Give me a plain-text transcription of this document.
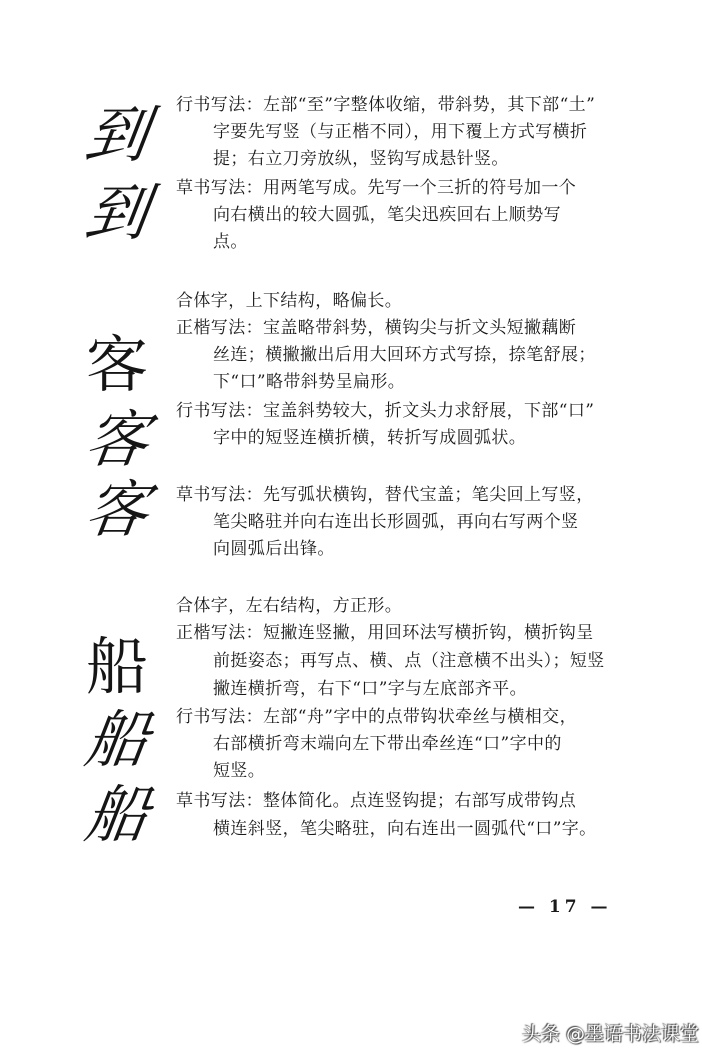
到
到
客
客
客
船
船
船
行书写法：左部“至”字整体收缩，带斜势，其下部“土”
字要先写竖（与正楷不同），用下覆上方式写横折
提；右立刀旁放纵，竖钩写成悬针竖。
草书写法：用两笔写成。先写一个三折的符号加一个
向右横出的较大圆弧，笔尖迅疾回右上顺势写
点。
合体字，上下结构，略偏长。
正楷写法：宝盖略带斜势，横钩尖与折文头短撇藕断
丝连；横撇撇出后用大回环方式写捺，捺笔舒展；
下“口”略带斜势呈扁形。
行书写法：宝盖斜势较大，折文头力求舒展，下部“口”
字中的短竖连横折横，转折写成圆弧状。
草书写法：先写弧状横钩，替代宝盖；笔尖回上写竖，
笔尖略驻并向右连出长形圆弧，再向右写两个竖
向圆弧后出锋。
合体字，左右结构，方正形。
正楷写法：短撇连竖撇，用回环法写横折钩，横折钩呈
前挺姿态；再写点、横、点（注意横不出头）；短竖
撇连横折弯，右下“口”字与左底部齐平。
行书写法：左部“舟”字中的点带钩状牵丝与横相交，
右部横折弯末端向左下带出牵丝连“口”字中的
短竖。
草书写法：整体简化。点连竖钩提；右部写成带钩点
横连斜竖，笔尖略驻，向右连出一圆弧代“口”字。
— 17 —
头条 @墨语书法课堂
